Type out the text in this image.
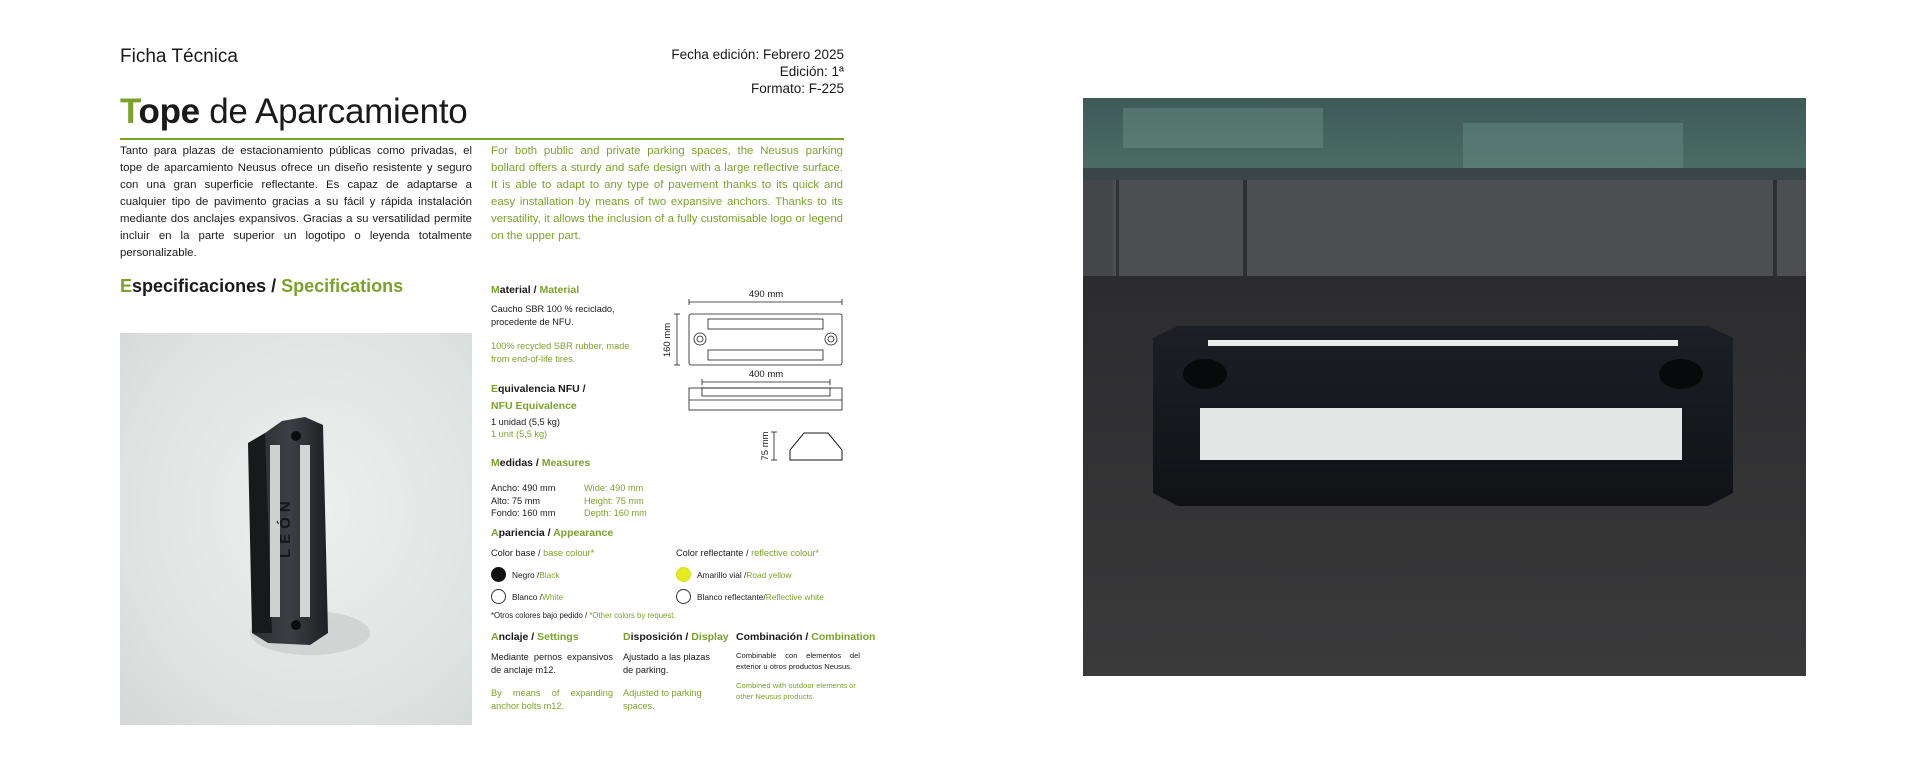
Ficha Técnica	Fecha edición: Febrero 2025
Edición: 1ª
Formato: F-225
Tope de Aparcamiento
Tanto para plazas de estacionamiento públicas como privadas, el tope de aparcamiento Neusus ofrece un diseño resistente y seguro con una gran superficie reflectante. Es capaz de adaptarse a cualquier tipo de pavimento gracias a su fácil y rápida instalación mediante dos anclajes expansivos. Gracias a su versatilidad permite incluir en la parte superior un logotipo o leyenda totalmente personalizable.
For both public and private parking spaces, the Neusus parking bollard offers a sturdy and safe design with a large reflective surface. It is able to adapt to any type of pavement thanks to its quick and easy installation by means of two expansive anchors. Thanks to its versatility, it allows the inclusion of a fully customisable logo or legend on the upper part.
Especificaciones / Specifications
LEÓN
Material / Material
Caucho SBR 100 % reciclado, procedente de NFU.
100% recycled SBR rubber, made from end-of-life tires.
Equivalencia NFU /
NFU Equivalence
1 unidad (5,5 kg)
1 unit (5,5 kg)
Medidas / Measures
Ancho: 490 mm
Alto: 75 mm
Fondo: 160 mm
Wide: 490 mm
Height: 75 mm
Depth: 160 mm
490 mm
160 mm
400 mm
75 mm
Apariencia / Appearance
Color base / base colour*	Color reflectante / reflective colour*
Negro /Black
Blanco /White
Amarillo vial /Road yellow
Blanco reflectante/Reflective white
*Otros colores bajo pedido / *Other colors by request.
Anclaje / Settings
Mediante pernos expansivos de anclaje m12.
By means of expanding anchor bolts m12.
Disposición / Display
Ajustado a las plazas de parking.
Adjusted to parking spaces.
Combinación / Combination
Combinable con elementos del exterior u otros productos Neusus.
Combined with outdoor elements or other Neusus products.
